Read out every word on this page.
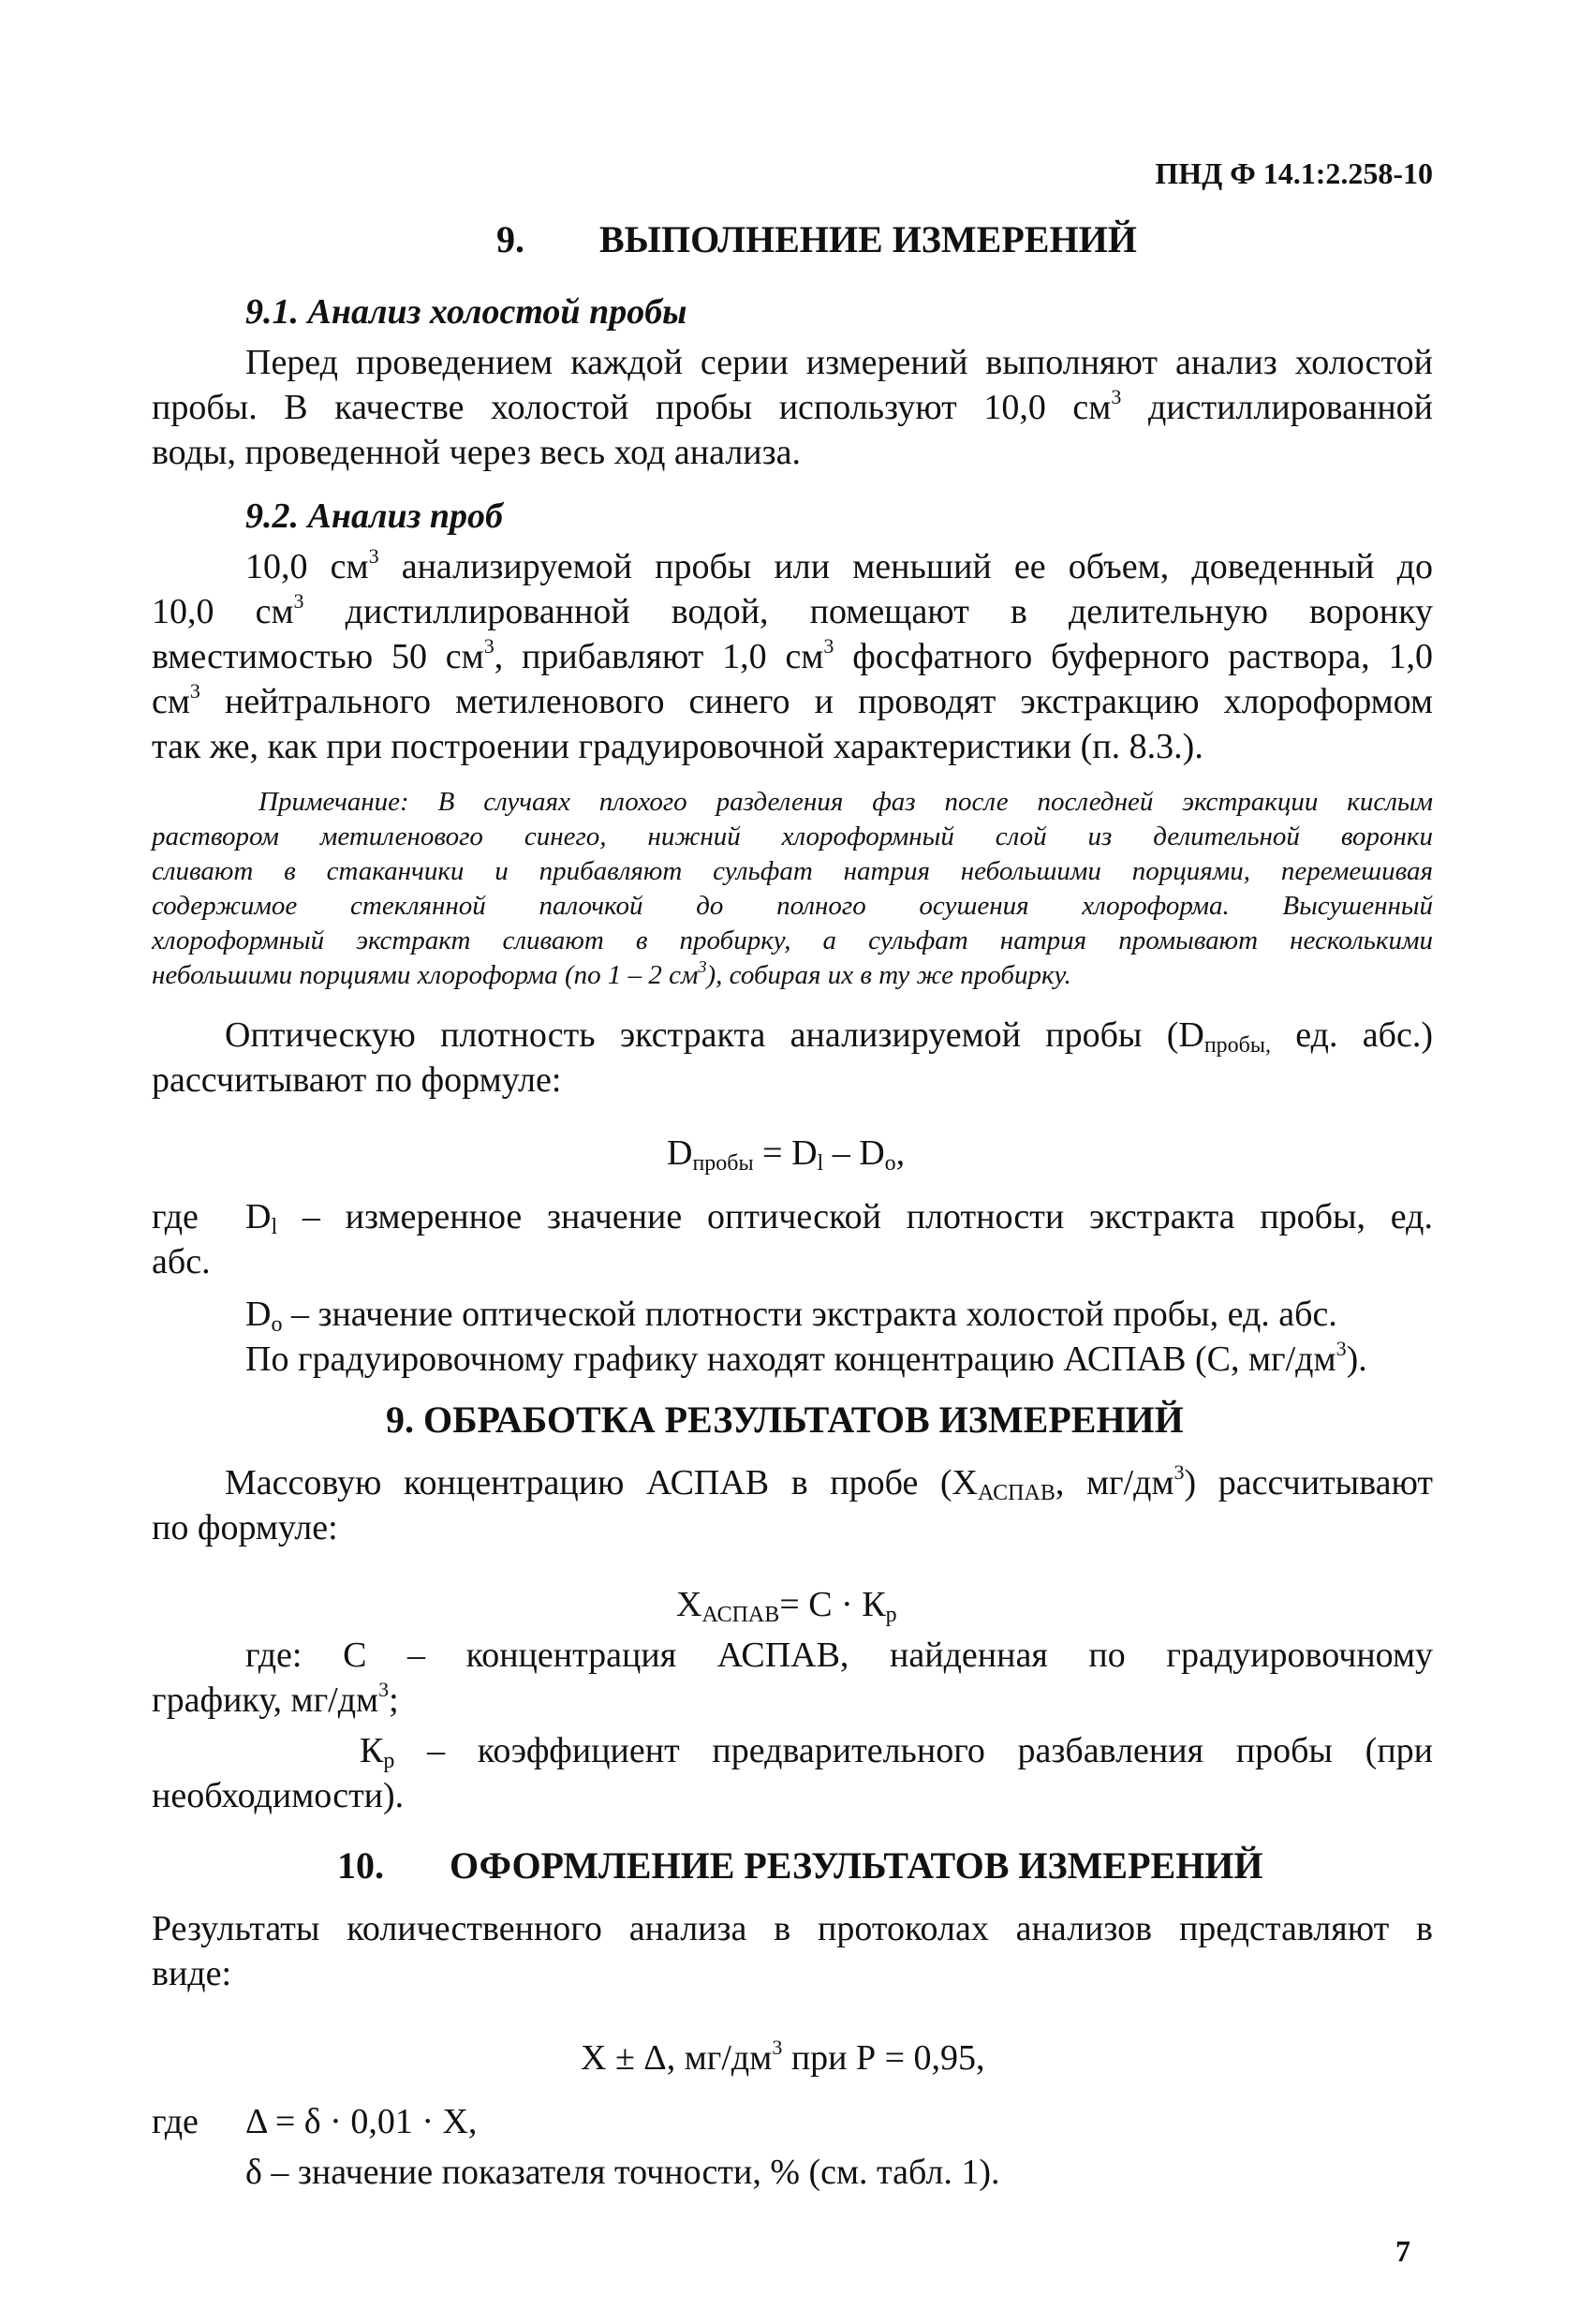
ПНД Ф 14.1:2.258-10
9. ВЫПОЛНЕНИЕ ИЗМЕРЕНИЙ
9.1. Анализ холостой пробы
Перед проведением каждой серии измерений выполняют анализ холостой
пробы. В качестве холостой пробы используют 10,0 $см^3$ дистиллированной
воды, проведенной через весь ход анализа.
9.2. Анализ проб
10,0 $см^3$ анализируемой пробы или меньший ее объем, доведенный до
10,0 $см^3$ дистиллированной водой, помещают в делительную воронку
вместимостью 50 $см^3$, прибавляют 1,0 $см^3$ фосфатного буферного раствора, 1,0
$см^3$ нейтрального метиленового синего и проводят экстракцию хлороформом
так же, как при построении градуировочной характеристики (п. 8.3.).
Примечание: В случаях плохого разделения фаз после последней экстракции кислым
раствором метиленового синего, нижний хлороформный слой из делительной воронки
сливают в стаканчики и прибавляют сульфат натрия небольшими порциями, перемешивая
содержимое стеклянной палочкой до полного осушения хлороформа. Высушенный
хлороформный экстракт сливают в пробирку, а сульфат натрия промывают несколькими
небольшими порциями хлороформа (по 1 – 2 $см^3$), собирая их в ту же пробирку.
Оптическую плотность экстракта анализируемой пробы ($D_{пробы,}$ ед. абс.)
рассчитывают по формуле:
$D_{пробы} = D_l - D_o$,
где $D_l$ – измеренное значение оптической плотности экстракта пробы, ед.
абс.
$D_o$ – значение оптической плотности экстракта холостой пробы, ед. абс.
По градуировочному графику находят концентрацию АСПАВ (С, $мг/дм^3$).
9. ОБРАБОТКА РЕЗУЛЬТАТОВ ИЗМЕРЕНИЙ
Массовую концентрацию АСПАВ в пробе ($Х_{АСПАВ}$, $мг/дм^3$) рассчитывают
по формуле:
$Х_{АСПАВ}= С \cdot К_р$
где: С – концентрация АСПАВ, найденная по градуировочному
графику, $мг/дм^3$;
$К_р$ – коэффициент предварительного разбавления пробы (при
необходимости).
10. ОФОРМЛЕНИЕ РЕЗУЛЬТАТОВ ИЗМЕРЕНИЙ
Результаты количественного анализа в протоколах анализов представляют в
виде:
Х ± Δ, $мг/дм^3$ при Р = 0,95,
где Δ = δ · 0,01 · Х,
δ – значение показателя точности, % (см. табл. 1).
7
